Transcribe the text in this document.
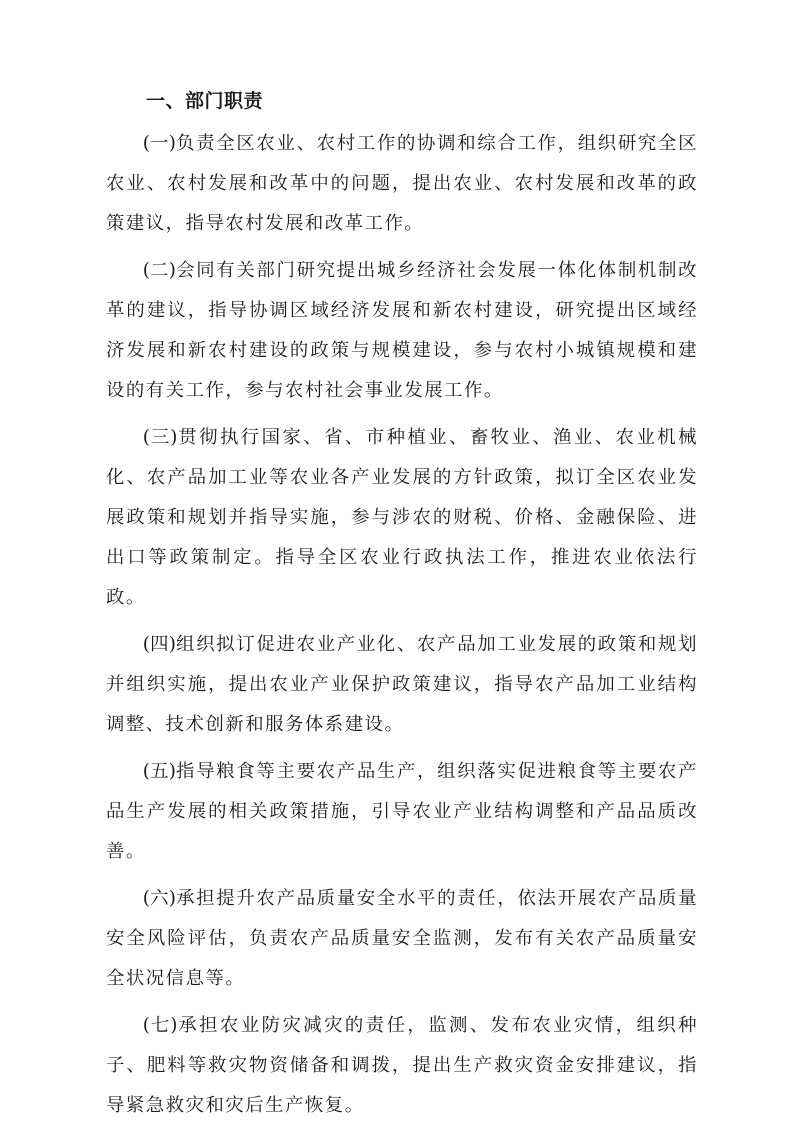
一、部门职责

(一)负责全区农业、农村工作的协调和综合工作，组织研究全区农业、农村发展和改革中的问题，提出农业、农村发展和改革的政策建议，指导农村发展和改革工作。

(二)会同有关部门研究提出城乡经济社会发展一体化体制机制改革的建议，指导协调区域经济发展和新农村建设，研究提出区域经济发展和新农村建设的政策与规模建设，参与农村小城镇规模和建设的有关工作，参与农村社会事业发展工作。

(三)贯彻执行国家、省、市种植业、畜牧业、渔业、农业机械化、农产品加工业等农业各产业发展的方针政策，拟订全区农业发展政策和规划并指导实施，参与涉农的财税、价格、金融保险、进出口等政策制定。指导全区农业行政执法工作，推进农业依法行政。

(四)组织拟订促进农业产业化、农产品加工业发展的政策和规划并组织实施，提出农业产业保护政策建议，指导农产品加工业结构调整、技术创新和服务体系建设。

(五)指导粮食等主要农产品生产，组织落实促进粮食等主要农产品生产发展的相关政策措施，引导农业产业结构调整和产品品质改善。

(六)承担提升农产品质量安全水平的责任，依法开展农产品质量安全风险评估，负责农产品质量安全监测，发布有关农产品质量安全状况信息等。

(七)承担农业防灾减灾的责任，监测、发布农业灾情，组织种子、肥料等救灾物资储备和调拨，提出生产救灾资金安排建议，指导紧急救灾和灾后生产恢复。
